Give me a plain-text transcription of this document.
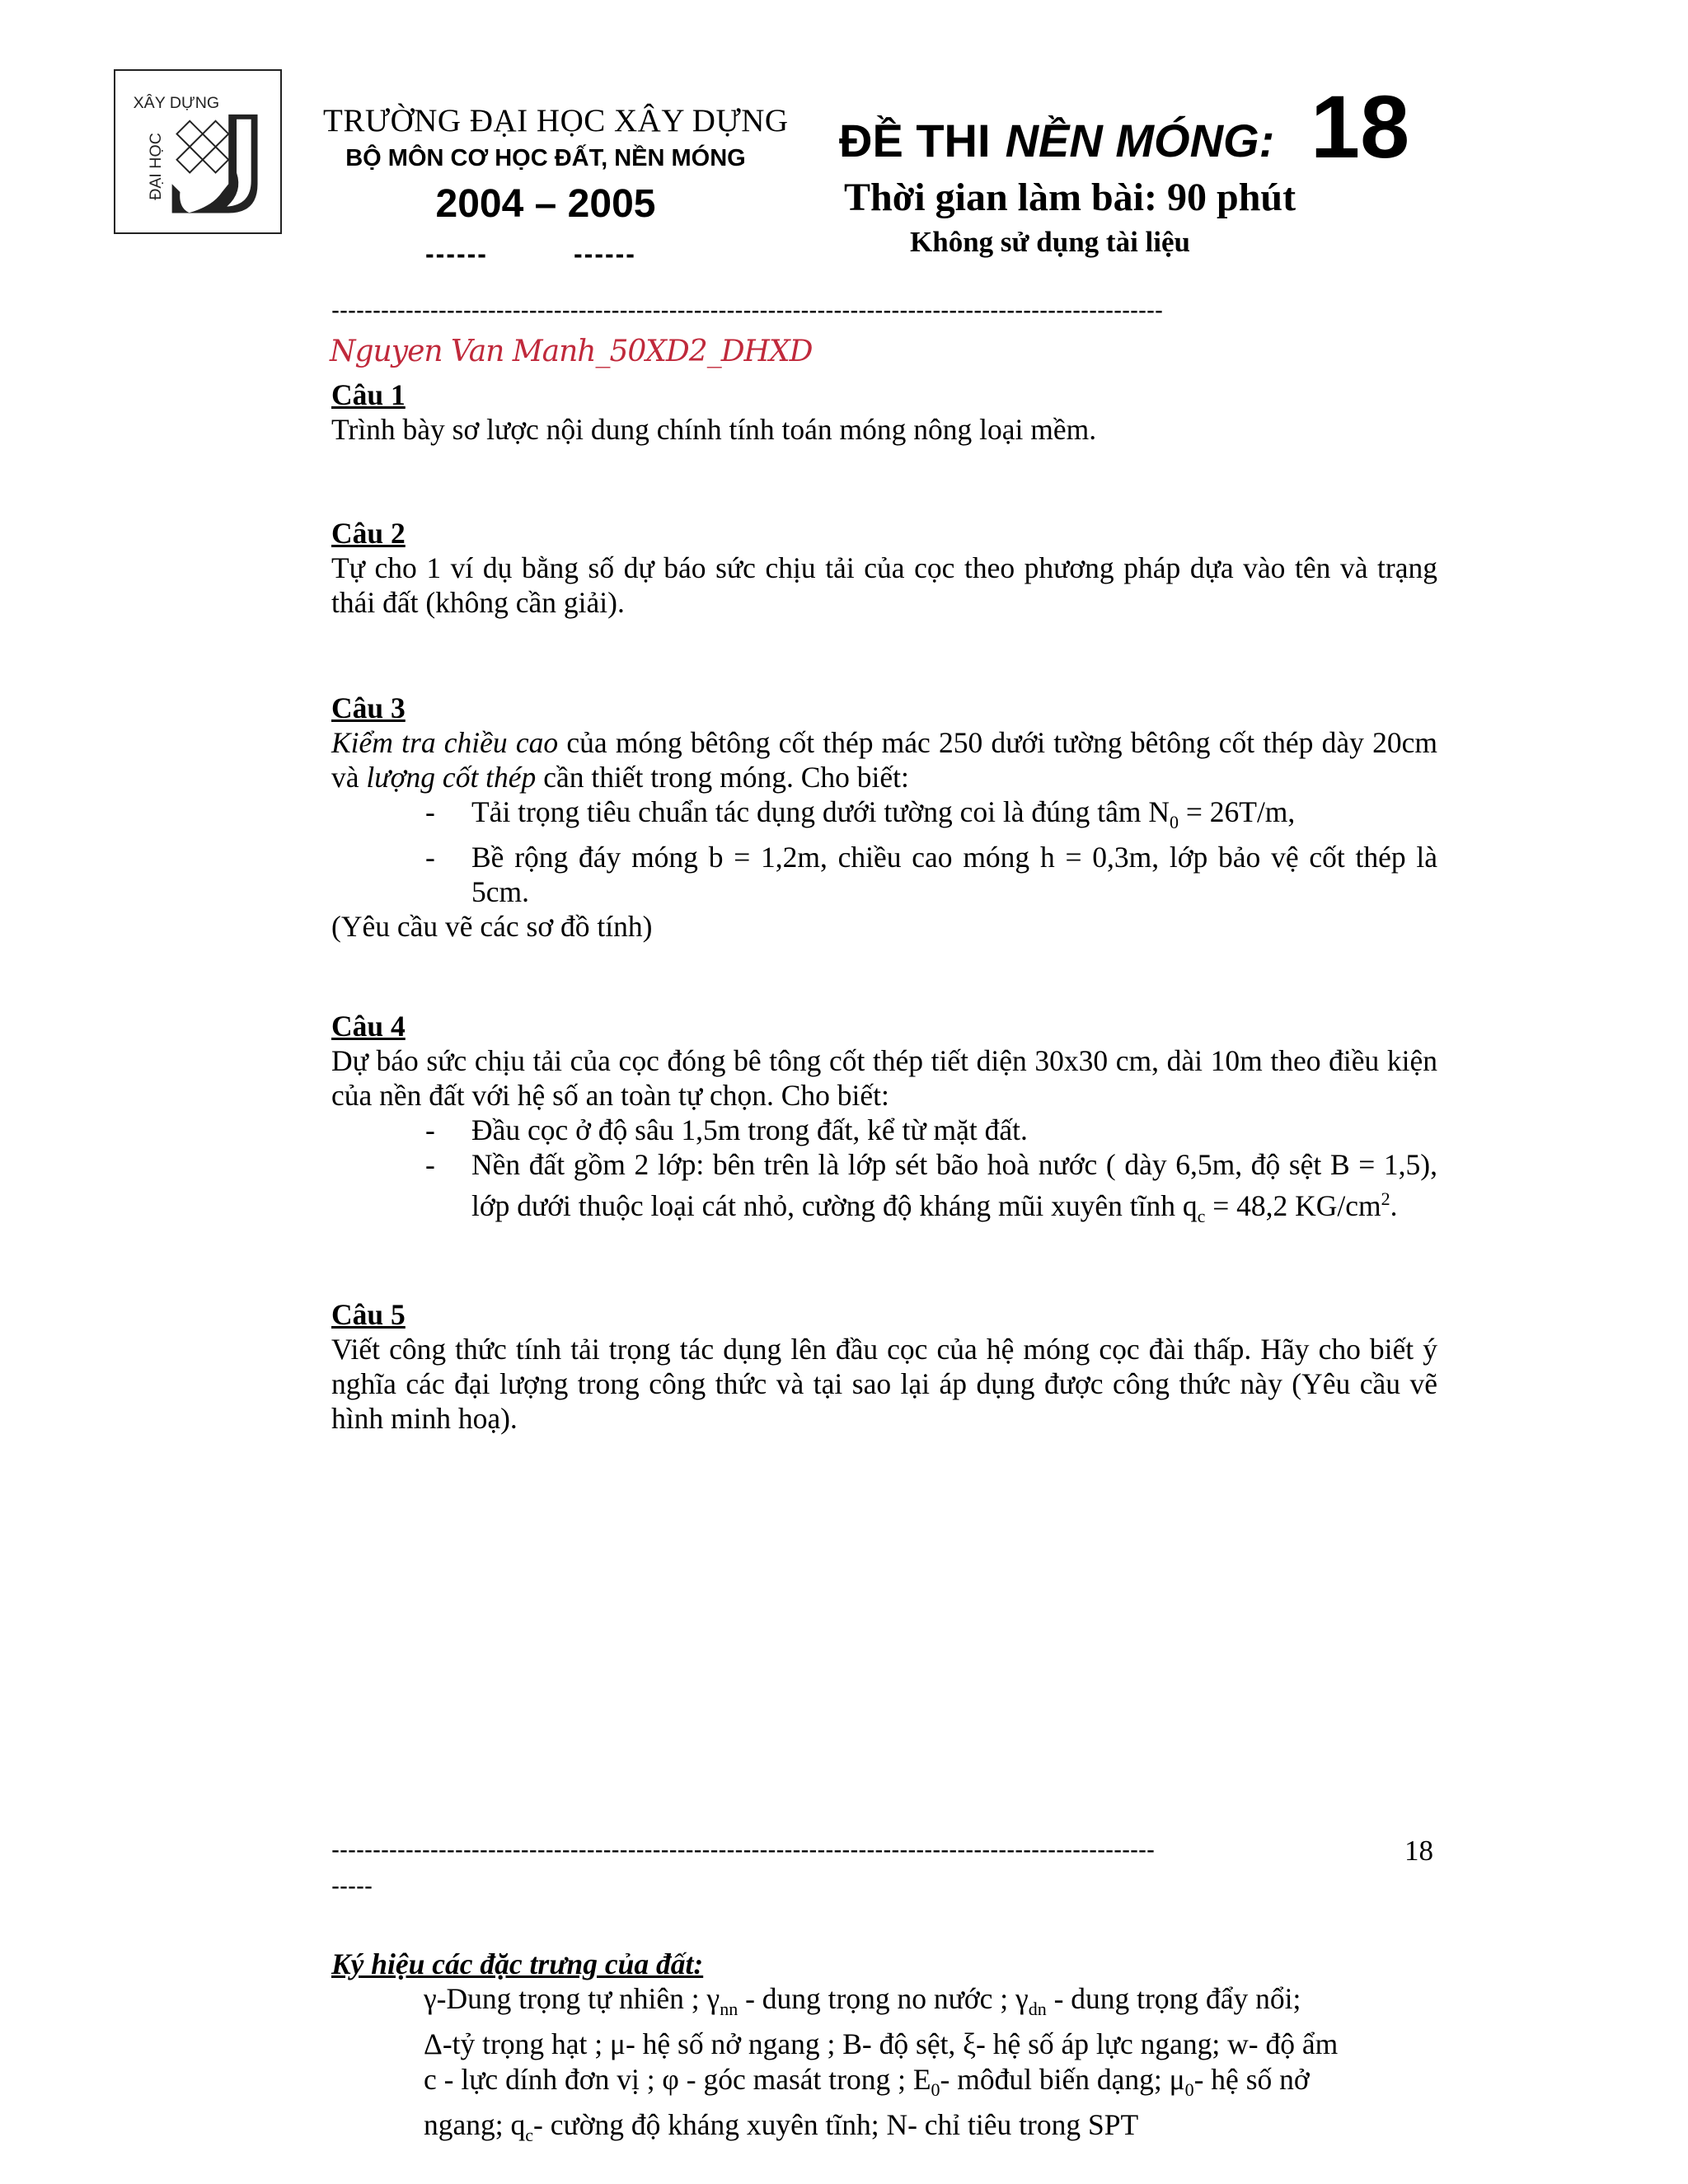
XÂY DỰNG
ĐẠI HỌC
TRƯỜNG ĐẠI HỌC XÂY DỰNG
BỘ MÔN CƠ HỌC ĐẤT, NỀN MÓNG
2004 – 2005
------	------
ĐỀ THI NỀN MÓNG: 18
Thời gian làm bài: 90 phút
Không sử dụng tài liệu
-----------------------------------------------------------------------------------------------------
Nguyen Van Manh_50XD2_DHXD
Câu 1

Trình bày sơ lược nội dung chính tính toán móng nông loại mềm.

Câu 2

Tự cho 1 ví dụ bằng số dự báo sức chịu tải của cọc theo phương pháp dựa vào tên và trạng thái đất (không cần giải).

Câu 3

Kiểm tra chiều cao của móng bêtông cốt thép mác 250 dưới tường bêtông cốt thép dày 20cm và lượng cốt thép cần thiết trong móng. Cho biết:

- Tải trọng tiêu chuẩn tác dụng dưới tường coi là đúng tâm $N_0 = 26T/m$,
- Bề rộng đáy móng b = 1,2m, chiều cao móng h = 0,3m, lớp bảo vệ cốt thép là 5cm.

(Yêu cầu vẽ các sơ đồ tính)

Câu 4

Dự báo sức chịu tải của cọc đóng bê tông cốt thép tiết diện 30x30 cm, dài 10m theo điều kiện của nền đất với hệ số an toàn tự chọn. Cho biết:

- Đầu cọc ở độ sâu 1,5m trong đất, kể từ mặt đất.
- Nền đất gồm 2 lớp: bên trên là lớp sét bão hoà nước ( dày 6,5m, độ sệt B = 1,5), lớp dưới thuộc loại cát nhỏ, cường độ kháng mũi xuyên tĩnh $q_c = 48,2$ $KG/cm^2$.
Câu 5

Viết công thức tính tải trọng tác dụng lên đầu cọc của hệ móng cọc đài thấp. Hãy cho biết ý nghĩa các đại lượng trong công thức và tại sao lại áp dụng được công thức này (Yêu cầu vẽ hình minh hoạ).

----------------------------------------------------------------------------------------------------
-----
18
Ký hiệu các đặc trưng của đất:

γ-Dung trọng tự nhiên ; $\gamma_{nn}$ - dung trọng no nước ; $\gamma_{dn}$ - dung trọng đẩy nổi;

Δ-tỷ trọng hạt ; μ- hệ số nở ngang ; B- độ sệt, ξ- hệ số áp lực ngang; w- độ ẩm

c - lực dính đơn vị ; φ - góc masát trong ; $E_0-$ môđul biến dạng; $\mu_0-$ hệ số nở

ngang; $q_c-$ cường độ kháng xuyên tĩnh; N- chỉ tiêu trong SPT
